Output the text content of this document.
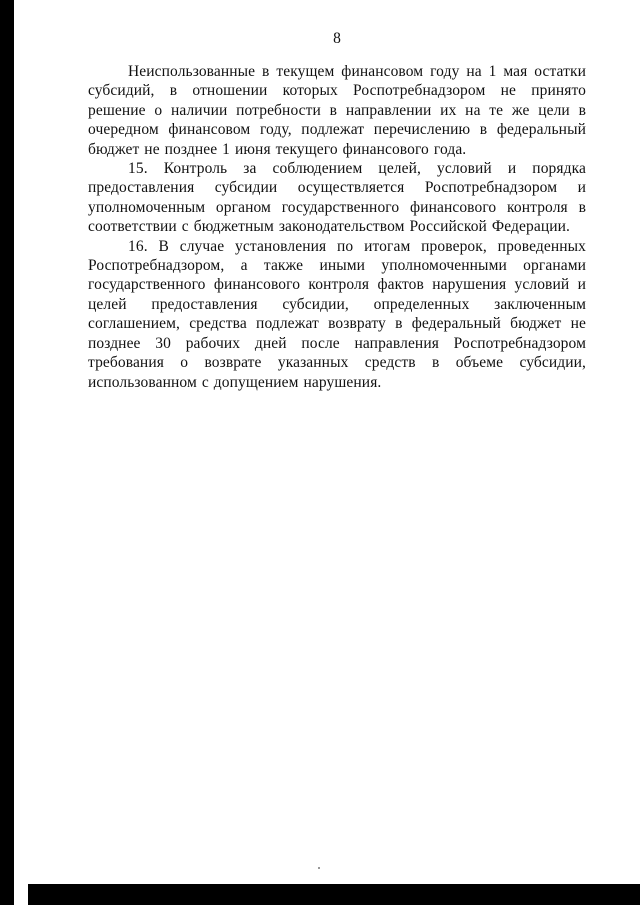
8

Неиспользованные в текущем финансовом году на 1 мая остатки субсидий, в отношении которых Роспотребнадзором не принято решение о наличии потребности в направлении их на те же цели в очередном финансовом году, подлежат перечислению в федеральный бюджет не позднее 1 июня текущего финансового года.

15. Контроль за соблюдением целей, условий и порядка предоставления субсидии осуществляется Роспотребнадзором и уполномоченным органом государственного финансового контроля в соответствии с бюджетным законодательством Российской Федерации.

16. В случае установления по итогам проверок, проведенных Роспотребнадзором, а также иными уполномоченными органами государственного финансового контроля фактов нарушения условий и целей предоставления субсидии, определенных заключенным соглашением, средства подлежат возврату в федеральный бюджет не позднее 30 рабочих дней после направления Роспотребнадзором требования о возврате указанных средств в объеме субсидии, использованном с допущением нарушения.
